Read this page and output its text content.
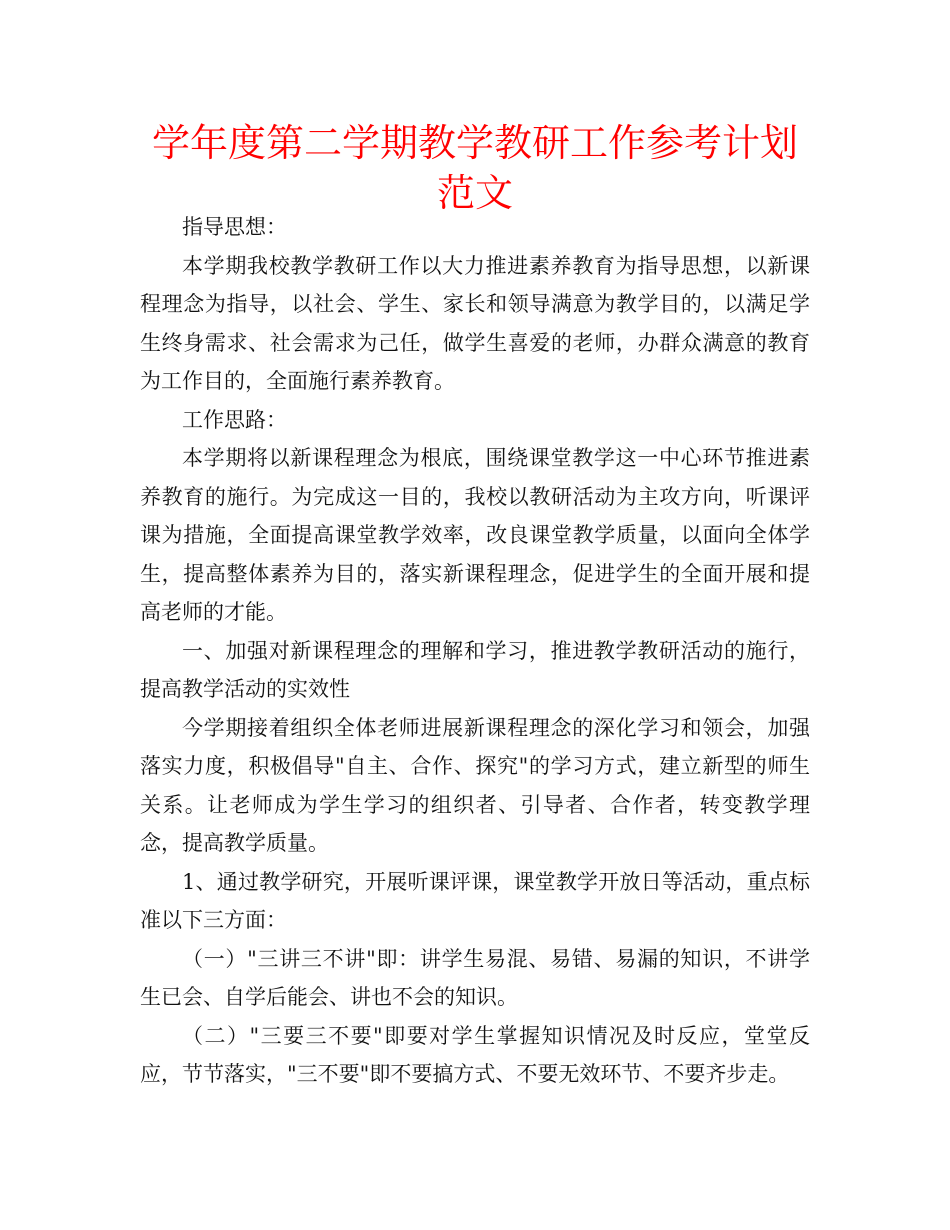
学年度第二学期教学教研工作参考计划范文

指导思想：

本学期我校教学教研工作以大力推进素养教育为指导思想，以新课程理念为指导，以社会、学生、家长和领导满意为教学目的，以满足学生终身需求、社会需求为己任，做学生喜爱的老师，办群众满意的教育为工作目的，全面施行素养教育。

工作思路：

本学期将以新课程理念为根底，围绕课堂教学这一中心环节推进素养教育的施行。为完成这一目的，我校以教研活动为主攻方向，听课评课为措施，全面提高课堂教学效率，改良课堂教学质量，以面向全体学生，提高整体素养为目的，落实新课程理念，促进学生的全面开展和提高老师的才能。

一、加强对新课程理念的理解和学习，推进教学教研活动的施行，提高教学活动的实效性

今学期接着组织全体老师进展新课程理念的深化学习和领会，加强落实力度，积极倡导"自主、合作、探究"的学习方式，建立新型的师生关系。让老师成为学生学习的组织者、引导者、合作者，转变教学理念，提高教学质量。

1、通过教学研究，开展听课评课，课堂教学开放日等活动，重点标准以下三方面：

（一）"三讲三不讲"即：讲学生易混、易错、易漏的知识，不讲学生已会、自学后能会、讲也不会的知识。

（二）"三要三不要"即要对学生掌握知识情况及时反应，堂堂反应，节节落实，"三不要"即不要搞方式、不要无效环节、不要齐步走。
